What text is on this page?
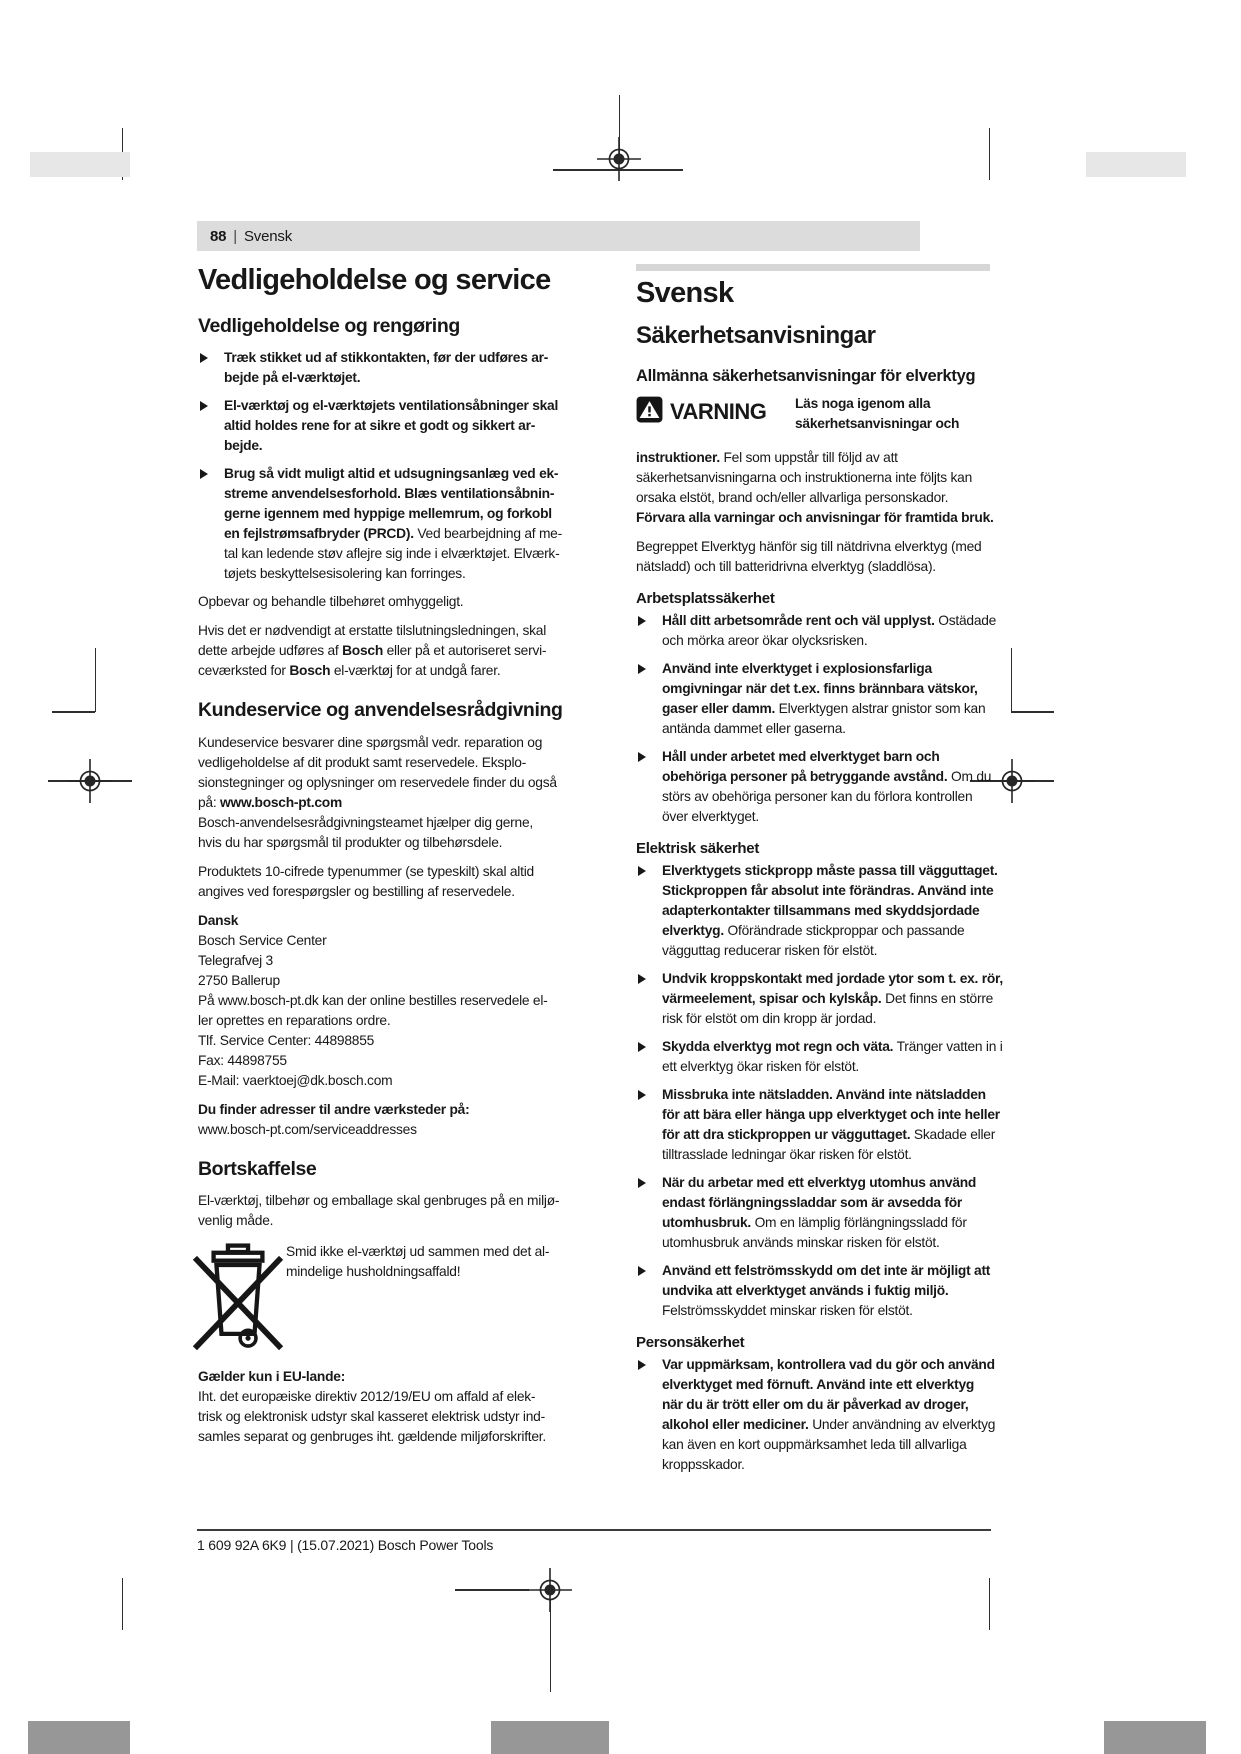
88 | Svensk
Vedligeholdelse og service
Vedligeholdelse og rengøring
Træk stikket ud af stikkontakten, før der udføres ar-
bejde på el-værktøjet.
El-værktøj og el-værktøjets ventilationsåbninger skal
altid holdes rene for at sikre et godt og sikkert ar-
bejde.
Brug så vidt muligt altid et udsugningsanlæg ved ek-
streme anvendelsesforhold. Blæs ventilationsåbnin-
gerne igennem med hyppige mellemrum, og forkobl
en fejlstrømsafbryder (PRCD). Ved bearbejdning af me-
tal kan ledende støv aflejre sig inde i elværktøjet. Elværk-
tøjets beskyttelsesisolering kan forringes.
Opbevar og behandle tilbehøret omhyggeligt.
Hvis det er nødvendigt at erstatte tilslutningsledningen, skal
dette arbejde udføres af Bosch eller på et autoriseret servi-
ceværksted for Bosch el-værktøj for at undgå farer.
Kundeservice og anvendelsesrådgivning
Kundeservice besvarer dine spørgsmål vedr. reparation og
vedligeholdelse af dit produkt samt reservedele. Eksplo-
sionstegninger og oplysninger om reservedele finder du også
på: www.bosch-pt.com
Bosch-anvendelsesrådgivningsteamet hjælper dig gerne,
hvis du har spørgsmål til produkter og tilbehørsdele.
Produktets 10-cifrede typenummer (se typeskilt) skal altid
angives ved forespørgsler og bestilling af reservedele.
Dansk
Bosch Service Center
Telegrafvej 3
2750 Ballerup
På www.bosch-pt.dk kan der online bestilles reservedele el-
ler oprettes en reparations ordre.
Tlf. Service Center: 44898855
Fax: 44898755
E-Mail: vaerktoej@dk.bosch.com
Du finder adresser til andre værksteder på:
www.bosch-pt.com/serviceaddresses
Bortskaffelse
El-værktøj, tilbehør og emballage skal genbruges på en miljø-
venlig måde.
Smid ikke el-værktøj ud sammen med det al-
mindelige husholdningsaffald!
Gælder kun i EU-lande:
Iht. det europæiske direktiv 2012/19/EU om affald af elek-
trisk og elektronisk udstyr skal kasseret elektrisk udstyr ind-
samles separat og genbruges iht. gældende miljøforskrifter.
Svensk
Säkerhetsanvisningar
Allmänna säkerhetsanvisningar för elverktyg
VARNING Läs noga igenom alla
säkerhetsanvisningar och
instruktioner. Fel som uppstår till följd av att
säkerhetsanvisningarna och instruktionerna inte följts kan
orsaka elstöt, brand och/eller allvarliga personskador.
Förvara alla varningar och anvisningar för framtida bruk.
Begreppet Elverktyg hänför sig till nätdrivna elverktyg (med
nätsladd) och till batteridrivna elverktyg (sladdlösa).
Arbetsplatssäkerhet
Håll ditt arbetsområde rent och väl upplyst. Ostädade
och mörka areor ökar olycksrisken.
Använd inte elverktyget i explosionsfarliga
omgivningar när det t.ex. finns brännbara vätskor,
gaser eller damm. Elverktygen alstrar gnistor som kan
antända dammet eller gaserna.
Håll under arbetet med elverktyget barn och
obehöriga personer på betryggande avstånd. Om du
störs av obehöriga personer kan du förlora kontrollen
över elverktyget.
Elektrisk säkerhet
Elverktygets stickpropp måste passa till vägguttaget.
Stickproppen får absolut inte förändras. Använd inte
adapterkontakter tillsammans med skyddsjordade
elverktyg. Oförändrade stickproppar och passande
vägguttag reducerar risken för elstöt.
Undvik kroppskontakt med jordade ytor som t. ex. rör,
värmeelement, spisar och kylskåp. Det finns en större
risk för elstöt om din kropp är jordad.
Skydda elverktyg mot regn och väta. Tränger vatten in i
ett elverktyg ökar risken för elstöt.
Missbruka inte nätsladden. Använd inte nätsladden
för att bära eller hänga upp elverktyget och inte heller
för att dra stickproppen ur vägguttaget. Skadade eller
tilltrasslade ledningar ökar risken för elstöt.
När du arbetar med ett elverktyg utomhus använd
endast förlängningssladdar som är avsedda för
utomhusbruk. Om en lämplig förlängningssladd för
utomhusbruk används minskar risken för elstöt.
Använd ett felströmsskydd om det inte är möjligt att
undvika att elverktyget används i fuktig miljö.
Felströmsskyddet minskar risken för elstöt.
Personsäkerhet
Var uppmärksam, kontrollera vad du gör och använd
elverktyget med förnuft. Använd inte ett elverktyg
när du är trött eller om du är påverkad av droger,
alkohol eller mediciner. Under användning av elverktyg
kan även en kort ouppmärksamhet leda till allvarliga
kroppsskador.
1 609 92A 6K9 | (15.07.2021) Bosch Power Tools
